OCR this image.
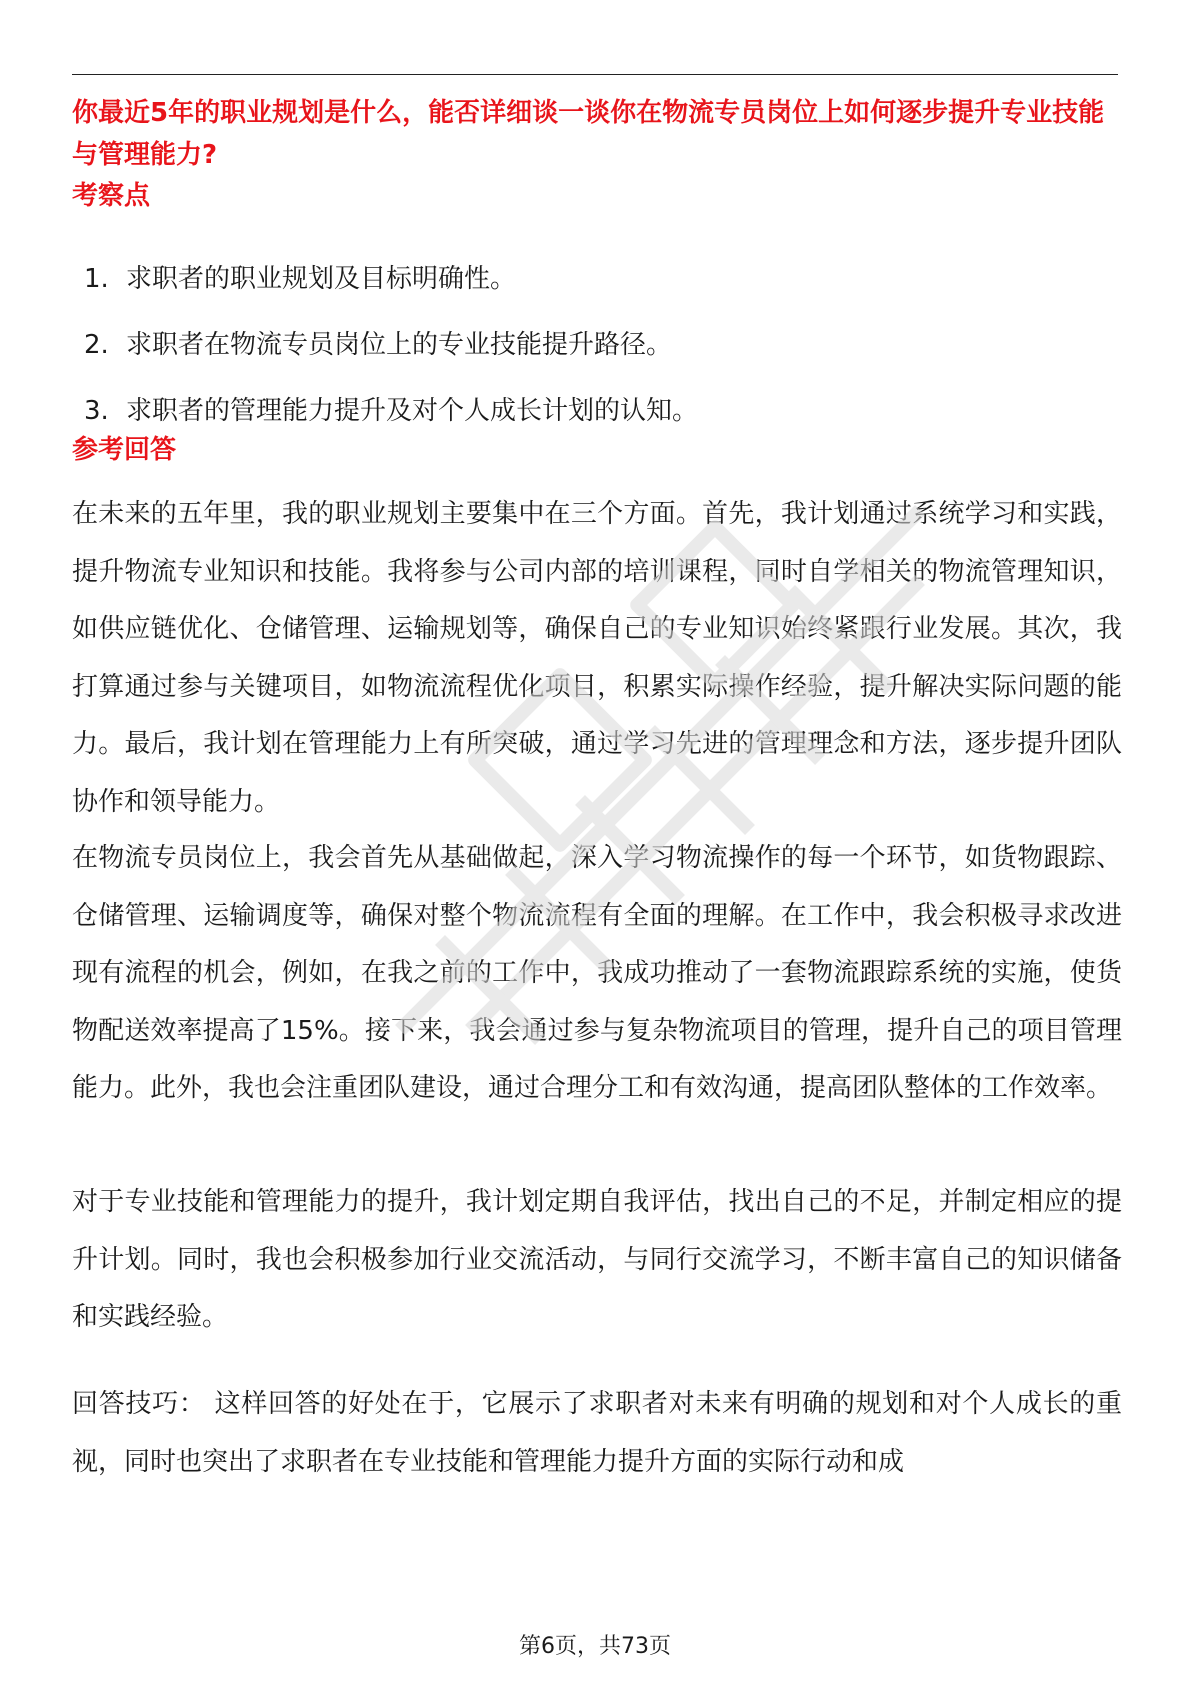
你最近5年的职业规划是什么，能否详细谈一谈你在物流专员岗位上如何逐步提升专业技能与管理能力?

考察点

1. 求职者的职业规划及目标明确性。
2. 求职者在物流专员岗位上的专业技能提升路径。
3. 求职者的管理能力提升及对个人成长计划的认知。

参考回答

在未来的五年里，我的职业规划主要集中在三个方面。首先，我计划通过系统学习和实践，提升物流专业知识和技能。我将参与公司内部的培训课程，同时自学相关的物流管理知识，如供应链优化、仓储管理、运输规划等，确保自己的专业知识始终紧跟行业发展。其次，我打算通过参与关键项目，如物流流程优化项目，积累实际操作经验，提升解决实际问题的能力。最后，我计划在管理能力上有所突破，通过学习先进的管理理念和方法，逐步提升团队协作和领导能力。

在物流专员岗位上，我会首先从基础做起，深入学习物流操作的每一个环节，如货物跟踪、仓储管理、运输调度等，确保对整个物流流程有全面的理解。在工作中，我会积极寻求改进现有流程的机会，例如，在我之前的工作中，我成功推动了一套物流跟踪系统的实施，使货物配送效率提高了15%。接下来，我会通过参与复杂物流项目的管理，提升自己的项目管理能力。此外，我也会注重团队建设，通过合理分工和有效沟通，提高团队整体的工作效率。

对于专业技能和管理能力的提升，我计划定期自我评估，找出自己的不足，并制定相应的提升计划。同时，我也会积极参加行业交流活动，与同行交流学习，不断丰富自己的知识储备和实践经验。

回答技巧： 这样回答的好处在于，它展示了求职者对未来有明确的规划和对个人成长的重视，同时也突出了求职者在专业技能和管理能力提升方面的实际行动和成

第6页，共73页
